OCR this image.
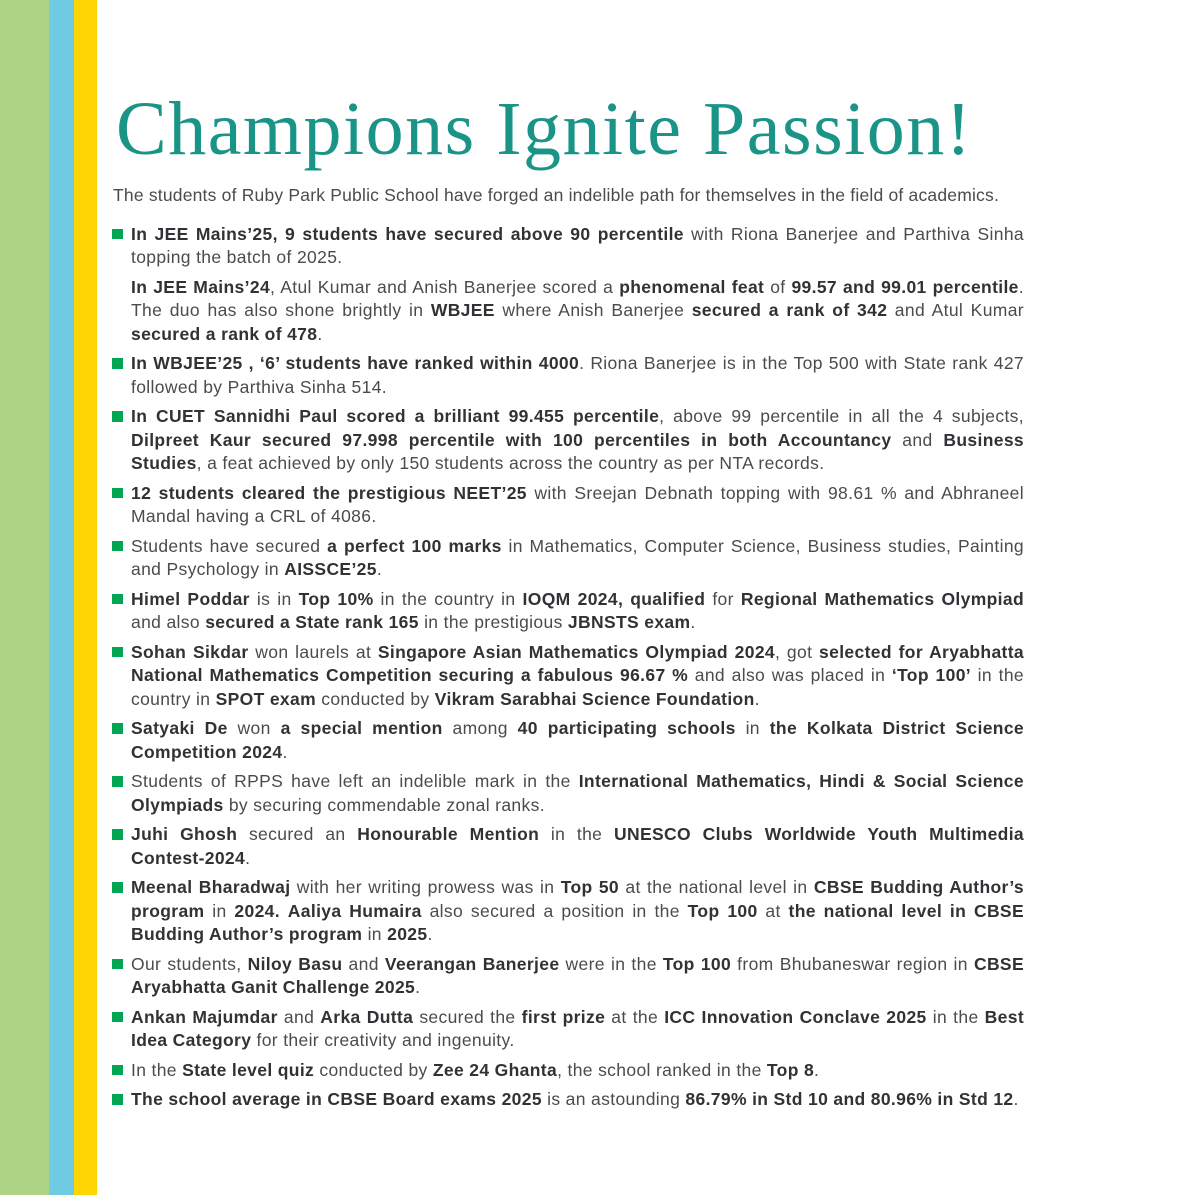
Champions Ignite Passion!

The students of Ruby Park Public School have forged an indelible path for themselves in the field of academics.

In JEE Mains’25, 9 students have secured above 90 percentile with Riona Banerjee and Parthiva Sinha topping the batch of 2025.

In JEE Mains’24, Atul Kumar and Anish Banerjee scored a phenomenal feat of 99.57 and 99.01 percentile. The duo has also shone brightly in WBJEE where Anish Banerjee secured a rank of 342 and Atul Kumar secured a rank of 478.

In WBJEE’25 , ‘6’ students have ranked within 4000. Riona Banerjee is in the Top 500 with State rank 427 followed by Parthiva Sinha 514.

In CUET Sannidhi Paul scored a brilliant 99.455 percentile, above 99 percentile in all the 4 subjects, Dilpreet Kaur secured 97.998 percentile with 100 percentiles in both Accountancy and Business Studies, a feat achieved by only 150 students across the country as per NTA records.

12 students cleared the prestigious NEET’25 with Sreejan Debnath topping with 98.61 % and Abhraneel Mandal having a CRL of 4086.

Students have secured a perfect 100 marks in Mathematics, Computer Science, Business studies, Painting and Psychology in AISSCE’25.

Himel Poddar is in Top 10% in the country in IOQM 2024, qualified for Regional Mathematics Olympiad and also secured a State rank 165 in the prestigious JBNSTS exam.

Sohan Sikdar won laurels at Singapore Asian Mathematics Olympiad 2024, got selected for Aryabhatta National Mathematics Competition securing a fabulous 96.67 % and also was placed in ‘Top 100’ in the country in SPOT exam conducted by Vikram Sarabhai Science Foundation.

Satyaki De won a special mention among 40 participating schools in the Kolkata District Science Competition 2024.

Students of RPPS have left an indelible mark in the International Mathematics, Hindi & Social Science Olympiads by securing commendable zonal ranks.

Juhi Ghosh secured an Honourable Mention in the UNESCO Clubs Worldwide Youth Multimedia Contest-2024.

Meenal Bharadwaj with her writing prowess was in Top 50 at the national level in CBSE Budding Author’s program in 2024. Aaliya Humaira also secured a position in the Top 100 at the national level in CBSE Budding Author’s program in 2025.

Our students, Niloy Basu and Veerangan Banerjee were in the Top 100 from Bhubaneswar region in CBSE Aryabhatta Ganit Challenge 2025.

Ankan Majumdar and Arka Dutta secured the first prize at the ICC Innovation Conclave 2025 in the Best Idea Category for their creativity and ingenuity.

In the State level quiz conducted by Zee 24 Ghanta, the school ranked in the Top 8.

The school average in CBSE Board exams 2025 is an astounding 86.79% in Std 10 and 80.96% in Std 12.
